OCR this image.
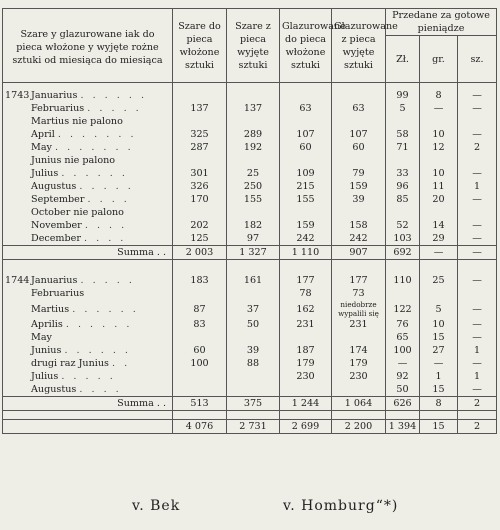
Szare y glazurowane iak do pieca włożone y wyjęte rożne sztuki od miesiąca do miesiąca	Szare do pieca włożone sztuki	Szare z pieca wyjęte sztuki	Glazurowane do pieca włożone sztuki	Glazurowane z pieca wyjęte sztuki	Przedane za gotowe pieniądze		
					Zł.	gr.	sz.
1743 Januarius . . . . . .					99	8	—
Februarius . . . . .	137	137	63	63	5	—	—
Martius nie palono							
April . . . . . . .	325	289	107	107	58	10	—
May . . . . . . .	287	192	60	60	71	12	2
Junius nie palono							
Julius . . . . . .	301	25	109	79	33	10	—
Augustus . . . . .	326	250	215	159	96	11	1
September . . . .	170	155	155	39	85	20	—
October nie palono							
November . . . .	202	182	159	158	52	14	—
December . . . .	125	97	242	242	103	29	—
Summa . .	2 003	1 327	1 110	907	692	—	—

1744 Januarius . . . . .	183	161	177	177	110	25	—
Februarius			78	73			
Martius . . . . . .	87	37	162	niedobrze wypalili się	122	5	—
Aprilis . . . . . .	83	50	231	231	76	10	—
May					65	15	—
Junius . . . . . .	60	39	187	174	100	27	1
drugi raz Junius . .	100	88	179	179	—	—	—
Julius . . . . .			230	230	92	1	1
Augustus . . . .					50	15	—
Summa . .	513	375	1 244	1 064	626	8	2

	4 076	2 731	2 699	2 200	1 394	15	2
v. Bek	v. Homburg“*)
